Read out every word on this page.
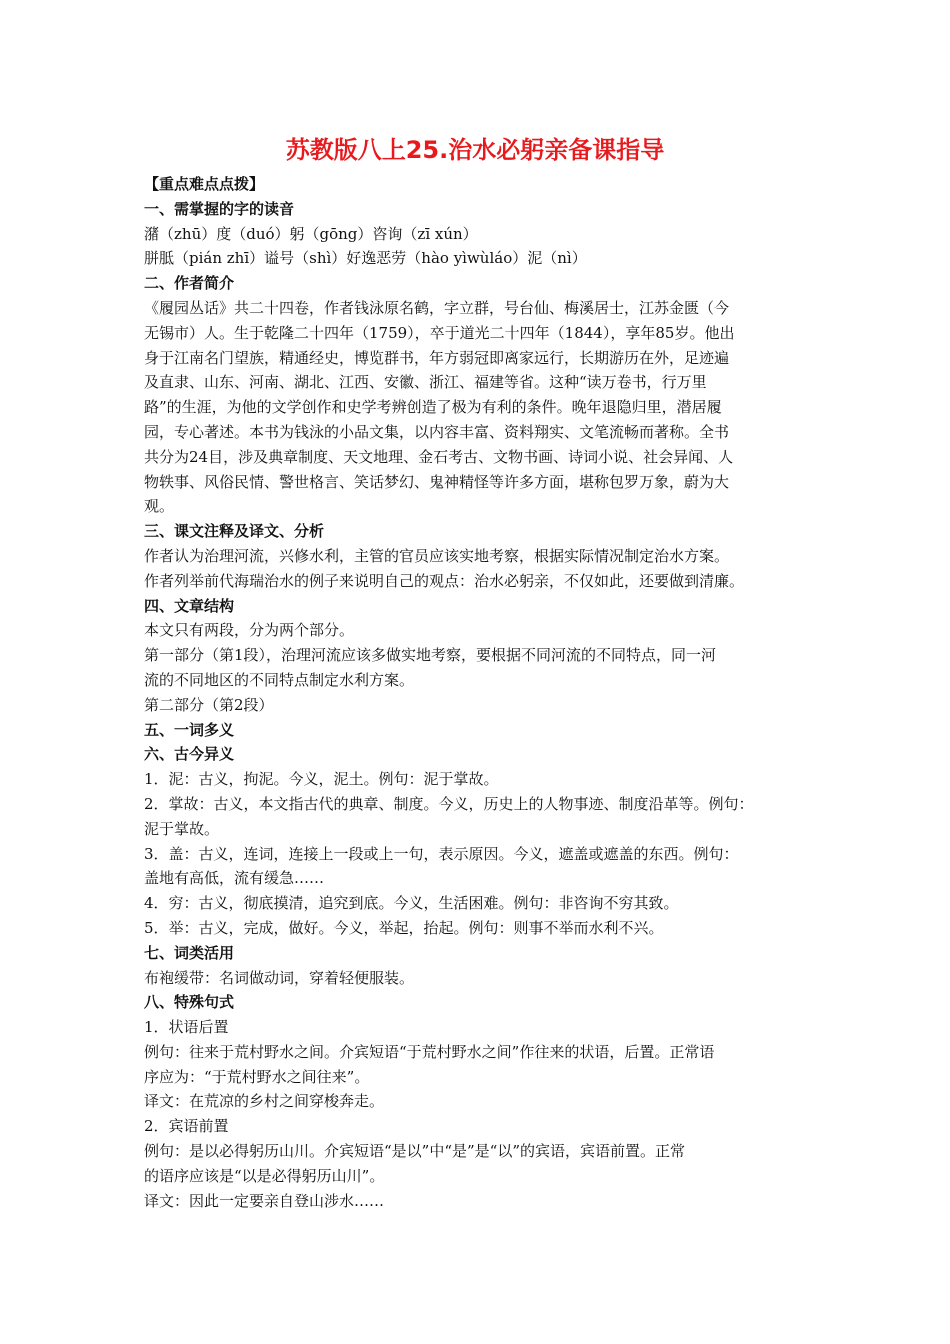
苏教版八上25.治水必躬亲备课指导
【重点难点点拨】
一、需掌握的字的读音
潴（zhū）度（duó）躬（gōng）咨询（zī xún）
胼胝（pián zhī）谥号（shì）好逸恶劳（hào yìwùláo）泥（nì）
二、作者简介
《履园丛话》共二十四卷，作者钱泳原名鹤，字立群，号台仙、梅溪居士，江苏金匮（今
无锡市）人。生于乾隆二十四年（1759），卒于道光二十四年（1844），享年85岁。他出
身于江南名门望族，精通经史，博览群书，年方弱冠即离家远行，长期游历在外，足迹遍
及直隶、山东、河南、湖北、江西、安徽、浙江、福建等省。这种“读万卷书，行万里
路”的生涯，为他的文学创作和史学考辨创造了极为有利的条件。晚年退隐归里，潜居履
园，专心著述。本书为钱泳的小品文集，以内容丰富、资料翔实、文笔流畅而著称。全书
共分为24目，涉及典章制度、天文地理、金石考古、文物书画、诗词小说、社会异闻、人
物轶事、风俗民情、警世格言、笑话梦幻、鬼神精怪等许多方面，堪称包罗万象，蔚为大
观。
三、课文注释及译文、分析
作者认为治理河流，兴修水利，主管的官员应该实地考察，根据实际情况制定治水方案。
作者列举前代海瑞治水的例子来说明自己的观点：治水必躬亲，不仅如此，还要做到清廉。
四、文章结构
本文只有两段，分为两个部分。
第一部分（第1段），治理河流应该多做实地考察，要根据不同河流的不同特点，同一河
流的不同地区的不同特点制定水利方案。
第二部分（第2段）
五、一词多义
六、古今异义
1．泥：古义，拘泥。今义，泥土。例句：泥于掌故。
2．掌故：古义，本文指古代的典章、制度。今义，历史上的人物事迹、制度沿革等。例句：
泥于掌故。
3．盖：古义，连词，连接上一段或上一句，表示原因。今义，遮盖或遮盖的东西。例句：
盖地有高低，流有缓急……
4．穷：古义，彻底摸清，追究到底。今义，生活困难。例句：非咨询不穷其致。
5．举：古义，完成，做好。今义，举起，抬起。例句：则事不举而水利不兴。
七、词类活用
布袍缓带：名词做动词，穿着轻便服装。
八、特殊句式
1．状语后置
例句：往来于荒村野水之间。介宾短语“于荒村野水之间”作往来的状语，后置。正常语
序应为：“于荒村野水之间往来”。
译文：在荒凉的乡村之间穿梭奔走。
2．宾语前置
例句：是以必得躬历山川。介宾短语“是以”中“是”是“以”的宾语，宾语前置。正常
的语序应该是“以是必得躬历山川”。
译文：因此一定要亲自登山涉水……
